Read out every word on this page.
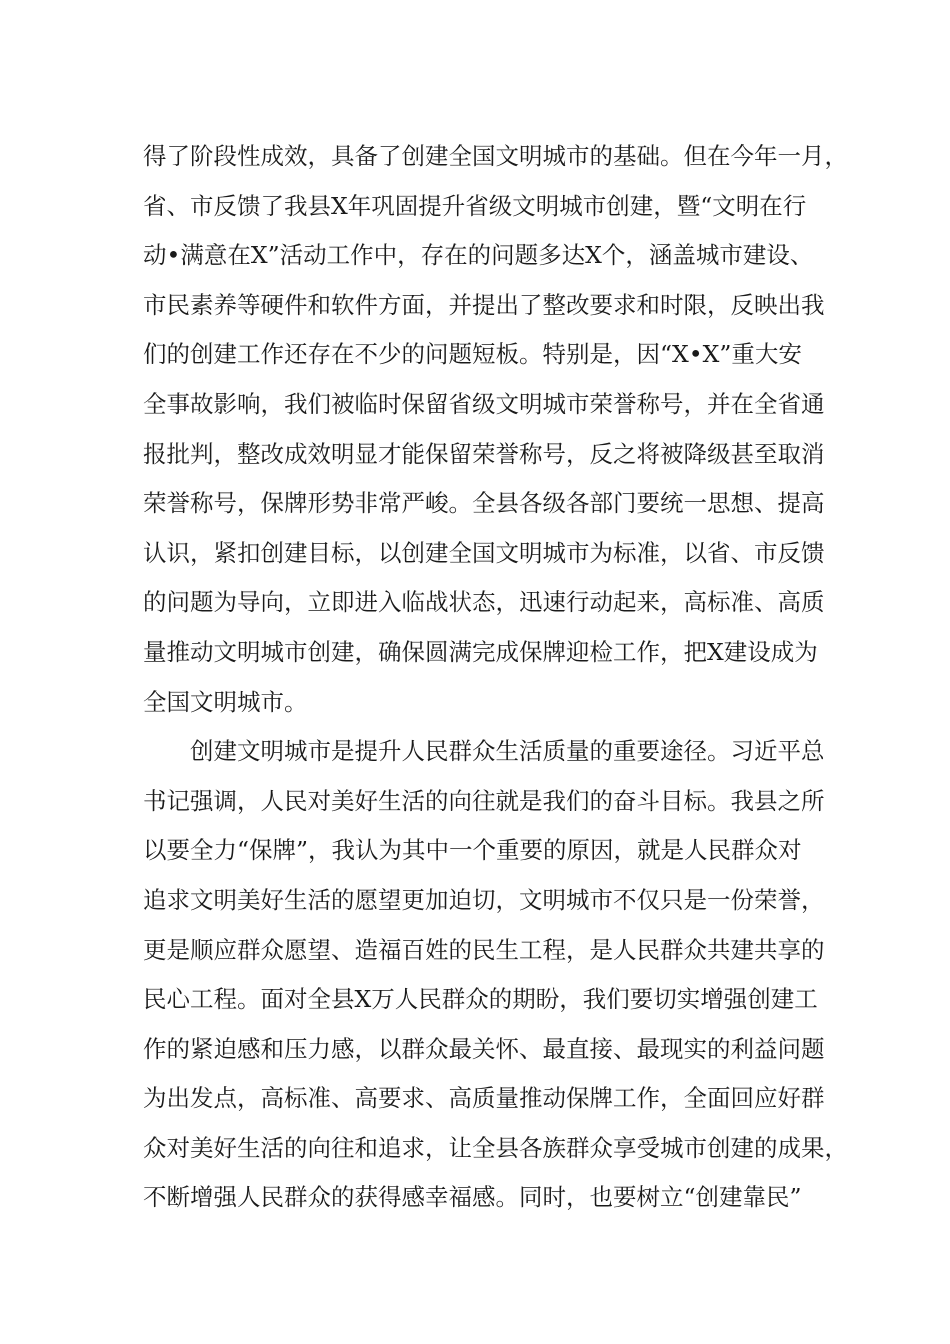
得了阶段性成效，具备了创建全国文明城市的基础。但在今年一月，
省、市反馈了我县X年巩固提升省级文明城市创建，暨“文明在行
动•满意在X”活动工作中，存在的问题多达X个，涵盖城市建设、
市民素养等硬件和软件方面，并提出了整改要求和时限，反映出我
们的创建工作还存在不少的问题短板。特别是，因“X•X”重大安
全事故影响，我们被临时保留省级文明城市荣誉称号，并在全省通
报批判，整改成效明显才能保留荣誉称号，反之将被降级甚至取消
荣誉称号，保牌形势非常严峻。全县各级各部门要统一思想、提高
认识，紧扣创建目标，以创建全国文明城市为标准，以省、市反馈
的问题为导向，立即进入临战状态，迅速行动起来，高标准、高质
量推动文明城市创建，确保圆满完成保牌迎检工作，把X建设成为
全国文明城市。
创建文明城市是提升人民群众生活质量的重要途径。习近平总
书记强调，人民对美好生活的向往就是我们的奋斗目标。我县之所
以要全力“保牌”，我认为其中一个重要的原因，就是人民群众对
追求文明美好生活的愿望更加迫切，文明城市不仅只是一份荣誉，
更是顺应群众愿望、造福百姓的民生工程，是人民群众共建共享的
民心工程。面对全县X万人民群众的期盼，我们要切实增强创建工
作的紧迫感和压力感，以群众最关怀、最直接、最现实的利益问题
为出发点，高标准、高要求、高质量推动保牌工作，全面回应好群
众对美好生活的向往和追求，让全县各族群众享受城市创建的成果，
不断增强人民群众的获得感幸福感。同时，也要树立“创建靠民”
